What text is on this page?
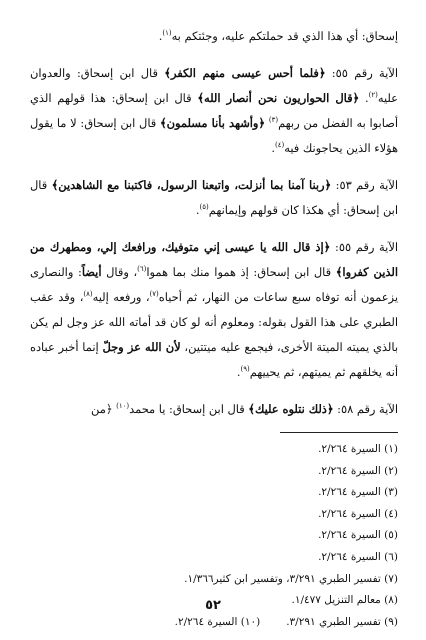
إسحاق: أي هذا الذي قد حملتكم عليه، وجئتكم به$^{(١)}$.

الآية رقم ٥٥: ﴿فلما أحس عيسى منهم الكفر﴾ قال ابن إسحاق: والعدوان عليه$^{(٢)}$. ﴿قال الحواريون نحن أنصار الله﴾ قال ابن إسحاق: هذا قولهم الذي أصابوا به الفضل من ربهم$^{(٣)}$ ﴿وأشهد بأنا مسلمون﴾ قال ابن إسحاق: لا ما يقول هؤلاء الذين يحاجونك فيه$^{(٤)}$.

الآية رقم ٥٣: ﴿ربنا آمنا بما أنزلت، واتبعنا الرسول، فاكتبنا مع الشاهدين﴾ قال ابن إسحاق: أي هكذا كان قولهم وإيمانهم$^{(٥)}$.

الآية رقم ٥٥: ﴿إذ قال الله يا عيسى إني متوفيك، ورافعك إلي، ومطهرك من الذين كفروا﴾ قال ابن إسحاق: إذ هموا منك بما هموا$^{(٦)}$، وقال أيضاً: والنصارى يزعمون أنه توفاه سبع ساعات من النهار، ثم أحياه$^{(٧)}$، ورفعه إليه$^{(٨)}$، وقد عقب الطبري على هذا القول بقوله: ومعلوم أنه لو كان قد أماته الله عز وجل لم يكن بالذي يميته الميتة الأخرى، فيجمع عليه ميتتين، لأن الله عز وجلّ إنما أخبر عباده أنه يخلقهم ثم يميتهم، ثم يحييهم$^{(٩)}$.

الآية رقم ٥٨: ﴿ذلك نتلوه عليك﴾ قال ابن إسحاق: يا محمد$^{(١٠)}$ ﴿من

(١) السيرة ٢/٢٦٤.
(٢) السيرة ٢/٢٦٤.
(٣) السيرة ٢/٢٦٤.
(٤) السيرة ٢/٢٦٤.
(٥) السيرة ٢/٢٦٤.
(٦) السيرة ٢/٢٦٤.
(٧) تفسير الطبري ٣/٢٩١، وتفسير ابن كثير١/٣٦٦.
(٨) معالم التنزيل ١/٤٧٧.
(٩) تفسير الطبري ٣/٢٩١.(١٠) السيرة ٢/٢٦٤.
٥٢
